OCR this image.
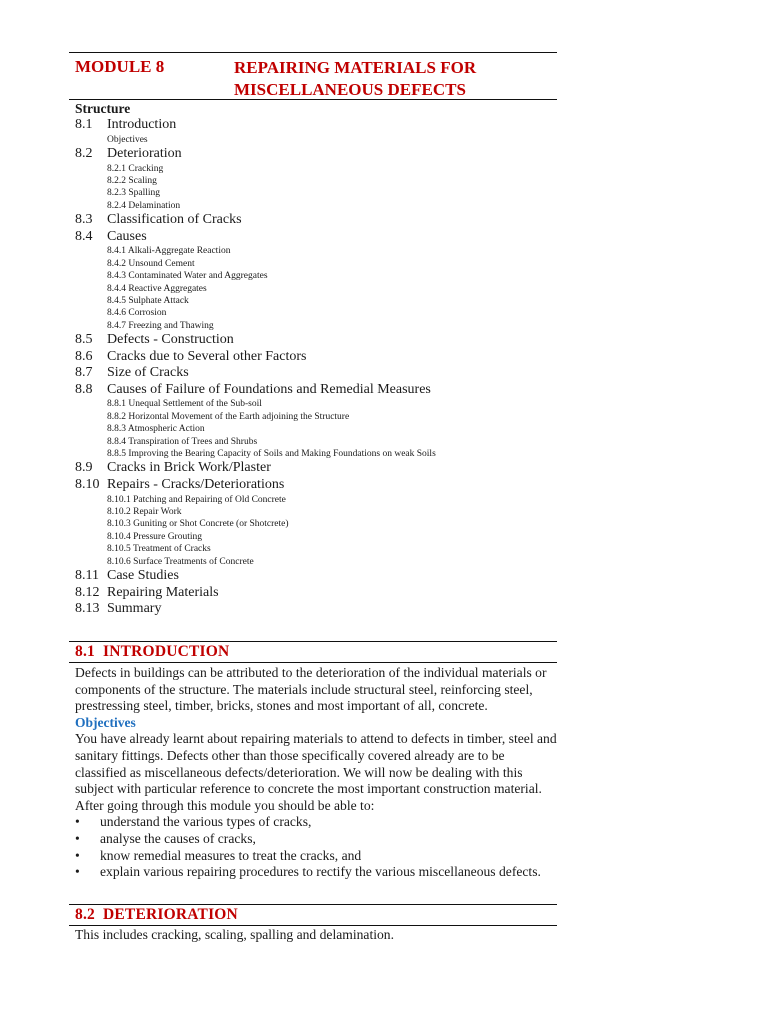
MODULE 8	REPAIRING MATERIALS FOR
MISCELLANEOUS DEFECTS
Structure
8.1 Introduction
Objectives
8.2 Deterioration
8.2.1 Cracking
8.2.2 Scaling
8.2.3 Spalling
8.2.4 Delamination
8.3 Classification of Cracks
8.4 Causes
8.4.1 Alkali-Aggregate Reaction
8.4.2 Unsound Cement
8.4.3 Contaminated Water and Aggregates
8.4.4 Reactive Aggregates
8.4.5 Sulphate Attack
8.4.6 Corrosion
8.4.7 Freezing and Thawing
8.5 Defects - Construction
8.6 Cracks due to Several other Factors
8.7 Size of Cracks
8.8 Causes of Failure of Foundations and Remedial Measures
8.8.1 Unequal Settlement of the Sub-soil
8.8.2 Horizontal Movement of the Earth adjoining the Structure
8.8.3 Atmospheric Action
8.8.4 Transpiration of Trees and Shrubs
8.8.5 Improving the Bearing Capacity of Soils and Making Foundations on weak Soils
8.9 Cracks in Brick Work/Plaster
8.10 Repairs - Cracks/Deteriorations
8.10.1 Patching and Repairing of Old Concrete
8.10.2 Repair Work
8.10.3 Guniting or Shot Concrete (or Shotcrete)
8.10.4 Pressure Grouting
8.10.5 Treatment of Cracks
8.10.6 Surface Treatments of Concrete
8.11 Case Studies
8.12 Repairing Materials
8.13 Summary
8.1 INTRODUCTION

Defects in buildings can be attributed to the deterioration of the individual materials or components of the structure. The materials include structural steel, reinforcing steel, prestressing steel, timber, bricks, stones and most important of all, concrete.

Objectives

You have already learnt about repairing materials to attend to defects in timber, steel and sanitary fittings. Defects other than those specifically covered already are to be classified as miscellaneous defects/deterioration. We will now be dealing with this subject with particular reference to concrete the most important construction material. After going through this module you should be able to:

• understand the various types of cracks,
• analyse the causes of cracks,
• know remedial measures to treat the cracks, and
• explain various repairing procedures to rectify the various miscellaneous defects.
8.2 DETERIORATION

This includes cracking, scaling, spalling and delamination.
